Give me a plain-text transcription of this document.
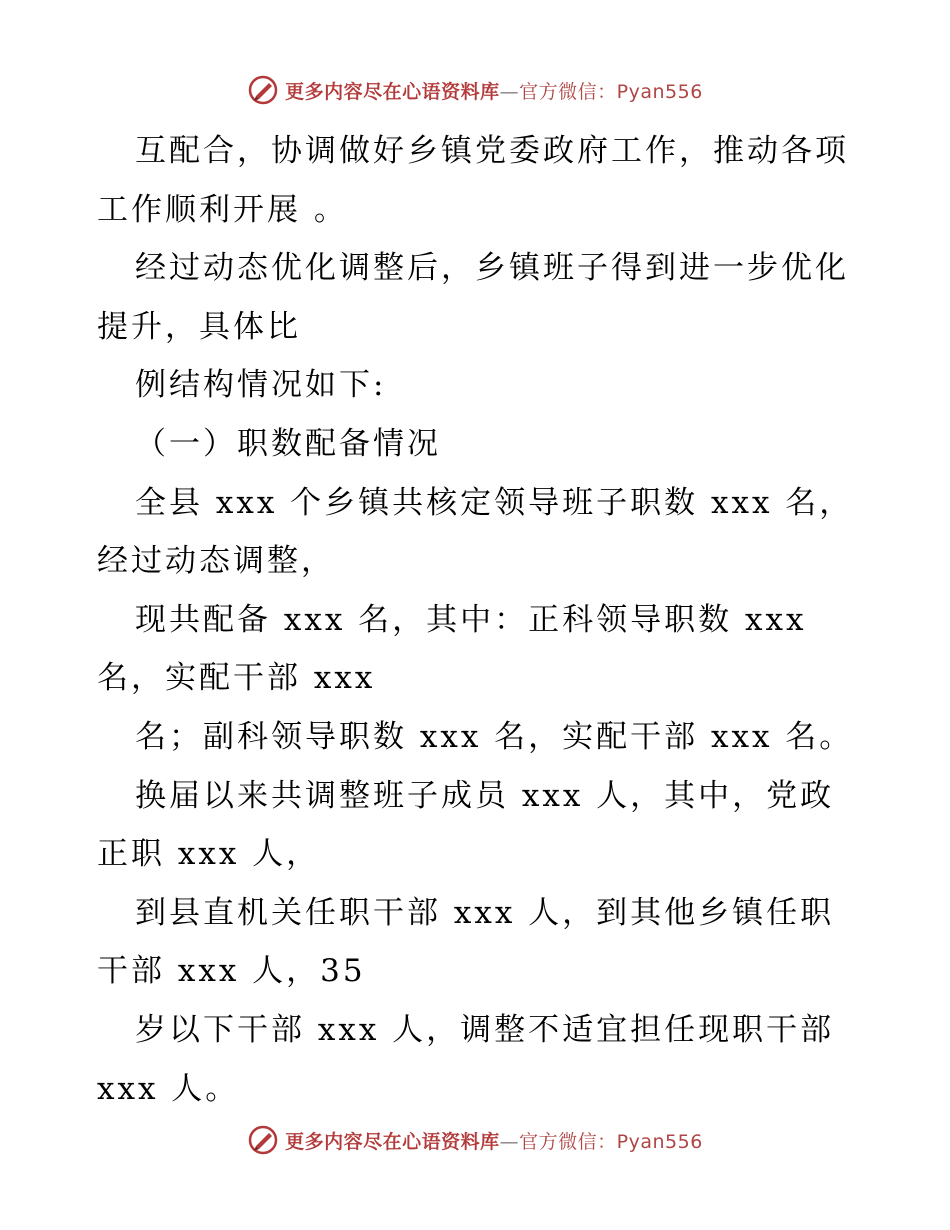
更多内容尽在心语资料库—官方微信：Pyan556
互配合，协调做好乡镇党委政府工作，推动各项
工作顺利开展 。
经过动态优化调整后，乡镇班子得到进一步优化
提升，具体比
例结构情况如下:
（一）职数配备情况
全县 xxx 个乡镇共核定领导班子职数 xxx 名，
经过动态调整，
现共配备 xxx 名，其中：正科领导职数 xxx
名，实配干部 xxx
名；副科领导职数 xxx 名，实配干部 xxx 名。
换届以来共调整班子成员 xxx 人，其中，党政
正职 xxx 人，
到县直机关任职干部 xxx 人，到其他乡镇任职
干部 xxx 人，35
岁以下干部 xxx 人，调整不适宜担任现职干部
xxx 人。
更多内容尽在心语资料库—官方微信：Pyan556
